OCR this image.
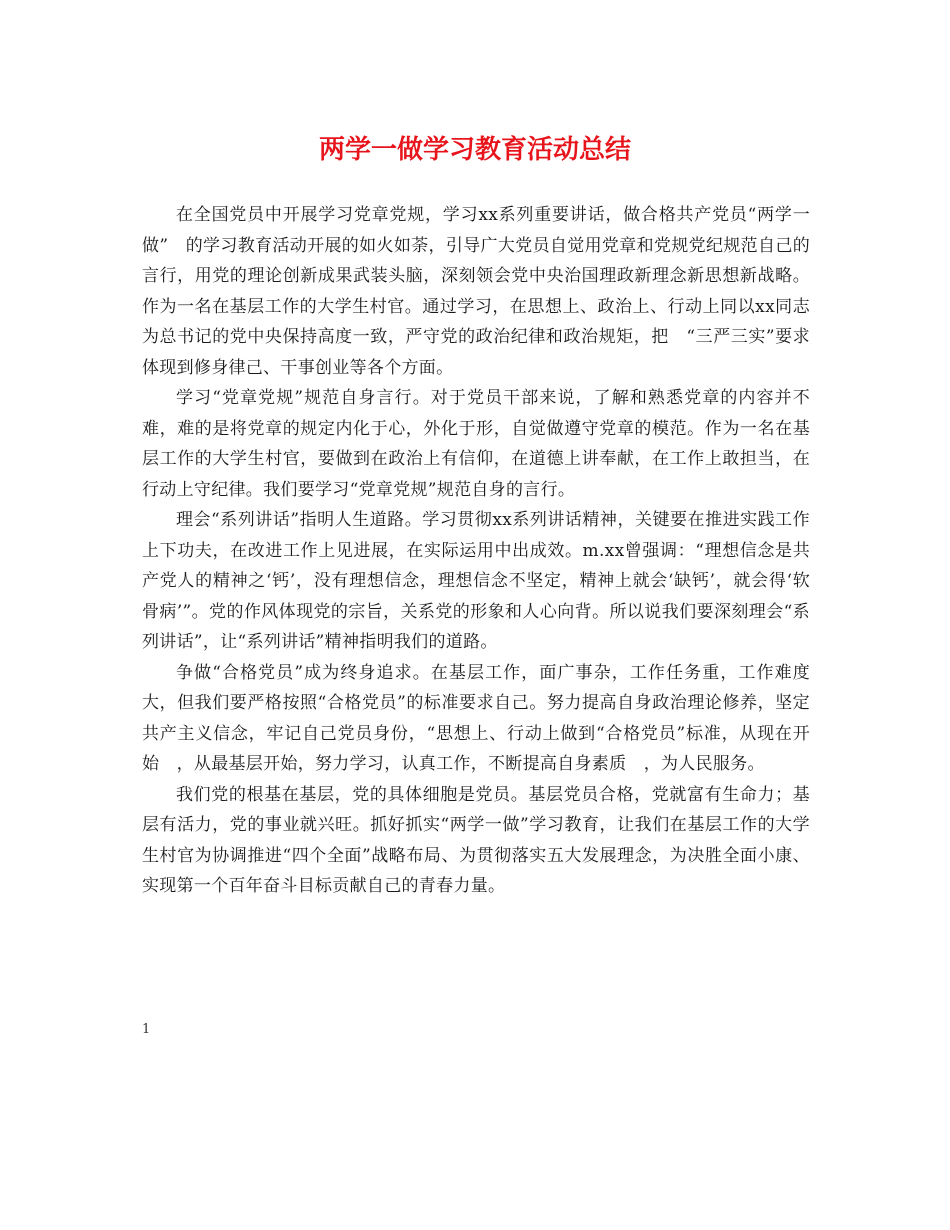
两学一做学习教育活动总结

在全国党员中开展学习党章党规，学习xx系列重要讲话，做合格共产党员“两学一做”　的学习教育活动开展的如火如荼，引导广大党员自觉用党章和党规党纪规范自己的言行，用党的理论创新成果武装头脑，深刻领会党中央治国理政新理念新思想新战略。作为一名在基层工作的大学生村官。通过学习，在思想上、政治上、行动上同以xx同志为总书记的党中央保持高度一致，严守党的政治纪律和政治规矩，把　“三严三实”要求体现到修身律己、干事创业等各个方面。

学习“党章党规”规范自身言行。对于党员干部来说，了解和熟悉党章的内容并不难，难的是将党章的规定内化于心，外化于形，自觉做遵守党章的模范。作为一名在基层工作的大学生村官，要做到在政治上有信仰，在道德上讲奉献，在工作上敢担当，在行动上守纪律。我们要学习“党章党规”规范自身的言行。

理会“系列讲话”指明人生道路。学习贯彻xx系列讲话精神，关键要在推进实践工作上下功夫，在改进工作上见进展，在实际运用中出成效。m.xx曾强调：“理想信念是共产党人的精神之‘钙’，没有理想信念，理想信念不坚定，精神上就会‘缺钙’，就会得‘软骨病’”。党的作风体现党的宗旨，关系党的形象和人心向背。所以说我们要深刻理会“系列讲话”，让“系列讲话”精神指明我们的道路。

争做“合格党员”成为终身追求。在基层工作，面广事杂，工作任务重，工作难度大，但我们要严格按照“合格党员”的标准要求自己。努力提高自身政治理论修养，坚定共产主义信念，牢记自己党员身份，“思想上、行动上做到“合格党员”标准，从现在开始　，从最基层开始，努力学习，认真工作，不断提高自身素质　，为人民服务。

我们党的根基在基层，党的具体细胞是党员。基层党员合格，党就富有生命力；基层有活力，党的事业就兴旺。抓好抓实“两学一做”学习教育，让我们在基层工作的大学生村官为协调推进“四个全面”战略布局、为贯彻落实五大发展理念，为决胜全面小康、实现第一个百年奋斗目标贡献自己的青春力量。

1
